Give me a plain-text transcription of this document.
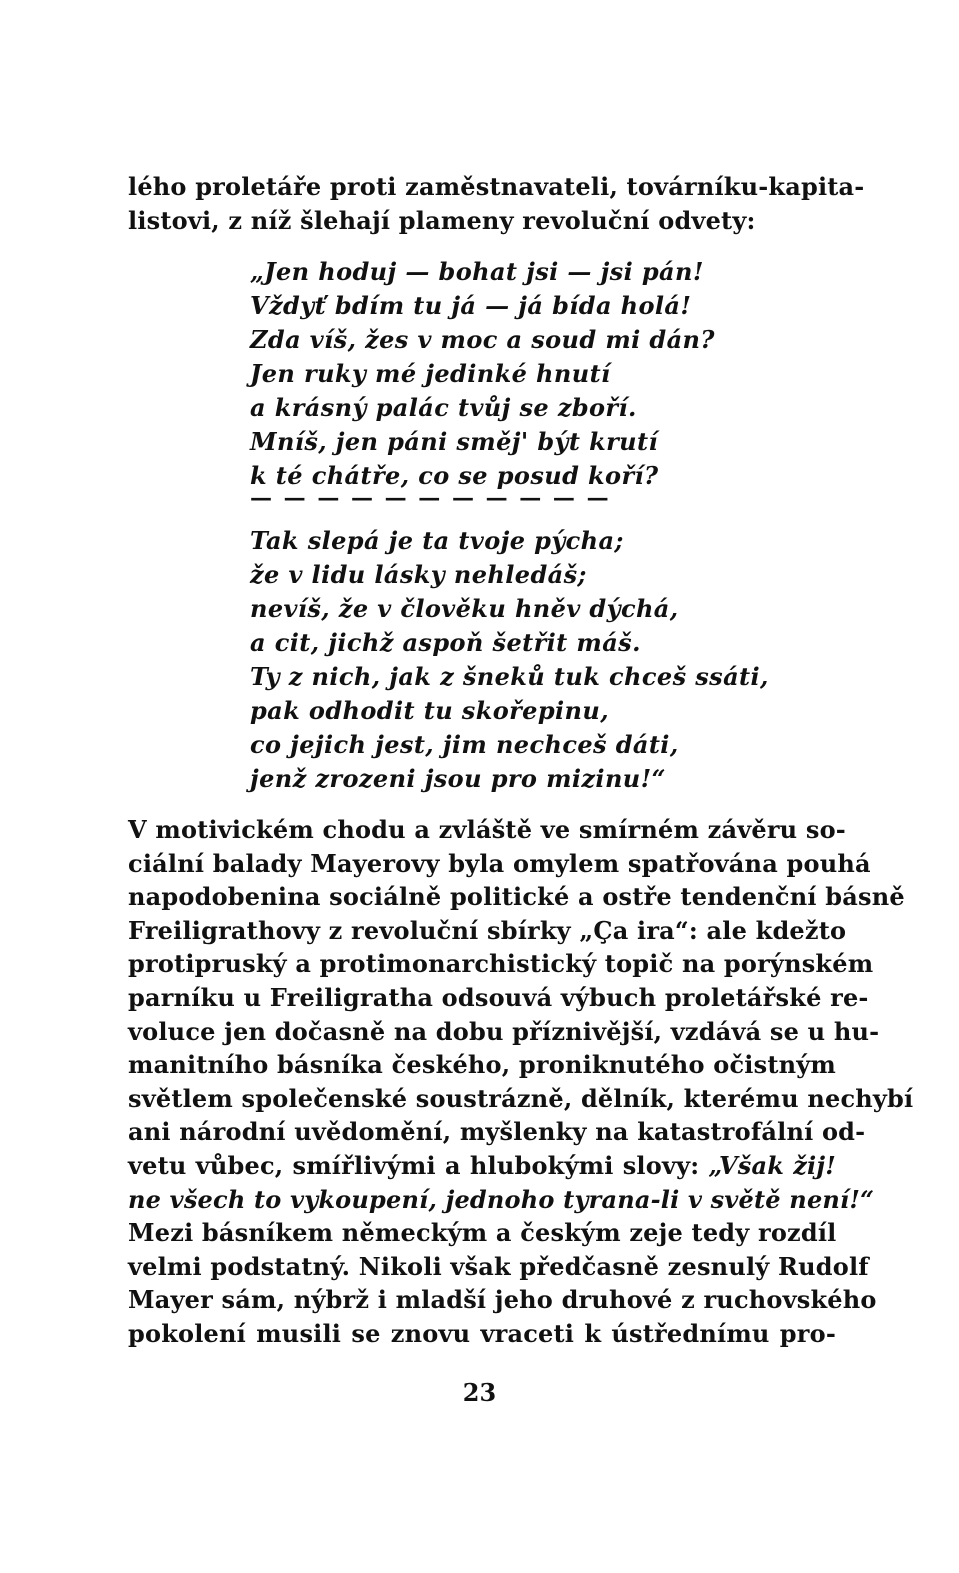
lého proletáře proti zaměstnavateli, továrníku-kapita-
listovi, z níž šlehají plameny revoluční odvety:
„Jen hoduj — bohat jsi — jsi pán!
Vždyť bdím tu já — já bída holá!
Zda víš, žes v moc a soud mi dán?
Jen ruky mé jedinké hnutí
a krásný palác tvůj se zboří.
Mníš, jen páni směj' být krutí
k té chátře, co se posud koří?
— — — — — — — — — — —
Tak slepá je ta tvoje pýcha;
že v lidu lásky nehledáš;
nevíš, že v člověku hněv dýchá,
a cit, jichž aspoň šetřit máš.
Ty z nich, jak z šneků tuk chceš ssáti,
pak odhodit tu skořepinu,
co jejich jest, jim nechceš dáti,
jenž zrozeni jsou pro mizinu!“
V motivickém chodu a zvláště ve smírném závěru so-
ciální balady Mayerovy byla omylem spatřována pouhá
napodobenina sociálně politické a ostře tendenční básně
Freiligrathovy z revoluční sbírky „Ça ira“: ale kdežto
protipruský a protimonarchistický topič na porýnském
parníku u Freiligratha odsouvá výbuch proletářské re-
voluce jen dočasně na dobu příznivější, vzdává se u hu-
manitního básníka českého, proniknutého očistným
světlem společenské soustrázně, dělník, kterému nechybí
ani národní uvědomění, myšlenky na katastrofální od-
vetu vůbec, smířlivými a hlubokými slovy: „Však žij!
ne všech to vykoupení, jednoho tyrana-li v světě není!“
Mezi básníkem německým a českým zeje tedy rozdíl
velmi podstatný. Nikoli však předčasně zesnulý Rudolf
Mayer sám, nýbrž i mladší jeho druhové z ruchovského
pokolení musili se znovu vraceti k ústřednímu pro-
23
